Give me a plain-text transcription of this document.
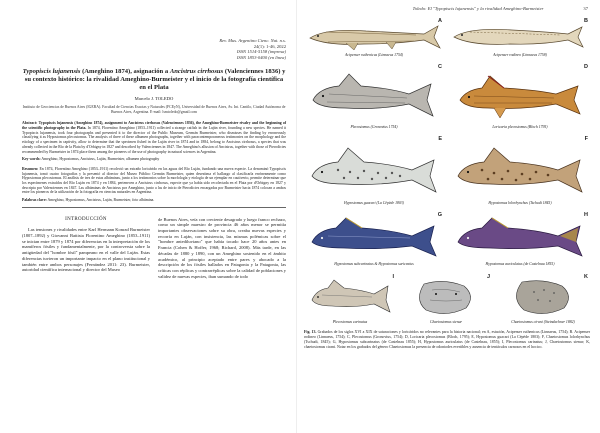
Rev. Mus. Argentino Cienc. Nat. n.s.
24(1): 1-46, 2022
ISSN 1514-5158 (impresa)
ISSN 1853-0400 (en línea)
Typopiscis lujanensis (Ameghino 1874), asignación a Ancistrus cirrhosus (Valenciennes 1836) y su contexto histórico: la rivalidad Ameghino-Burmeister y el inicio de la fotografía científica en el Plata
Marcelo J. TOLEDO
Instituto de Geociencias de Buenos Aires (IGEBA). Facultad de Ciencias Exactas y Naturales (FCEyN), Universidad de Buenos Aires, Av. Int. Cantilo, Ciudad Autónoma de Buenos Aires, Argentina. E-mail: lsmtoledo@gmail.com
Abstract: Typopiscis lujanensis (Ameghino 1874), assignment to Ancistrus cirrhosus (Valenciennes 1836), the Ameghino-Burmeister rivalry and the beginning of the scientific photography in the Plata. In 1874, Florentino Ameghino (1853–1911) collected a strange catfish in the Luján river, founding a new species. He named it Typopiscis lujanensis, took four photographs and presented it to the director of the Public Museum, Germán Burmeister, who dismisses the finding by erroneously classifying it as Hypostomus plecostomus. The analysis of three of these albumen photographs, together with paracontemporaneous testimonies on the morphology and the etiology of a specimen in captivity, allow to determine that the specimen fished in the Luján river in 1874 and in 1884, belong to Ancistrus cirrhosus, a species that was already collected in the Río de la Plata by d'Orbigny in 1827 and described by Valenciennes in 1847. The Ameghino's allusion of Ancistrus, together with those of Pterodictes recommended by Burmeister in 1874 place them among the pioneers of the use of photography in natural sciences in Argentina.
Key words: Ameghino, Hypostomus, Ancistrus, Luján, Burmeister, albumen photography
Resumen: En 1874, Florentino Ameghino (1853–1911) recolectó un extraño loricárido en las aguas del Río Luján, fundando una nueva especie. La denominó Typopiscis lujanensis, tomó cuatro fotografías y la presentó al director del Museo Público Germán Burmeister, quien desestima el hallazgo al clasificarla erróneamente como Hypostomus plecostomus. El análisis de tres de estas albúminas, junto a los testimonios sobre la morfología y etología de un ejemplar en cautiverio, permite determinar que los especímenes extraídos del Río Luján en 1874 y en 1884, pertenecen a Ancistrus cirrhosus, especie que ya había sido recolectada en el Plata por d'Orbigny en 1827 y descripta por Valenciennes en 1847. Las albúminas de Ancistrus por Ameghino, junto a las de inicio de Pterodictes encargadas por Burmeister hacia 1874 colocan a ambos entre los pioneros de la utilización de la fotografía en ciencias naturales en Argentina.
Palabras clave: Ameghino, Hypostomus, Ancistrus, Luján, Burmeister, foto albúmina.
INTRODUCCIÓN

Las tensiones y rivalidades entre Karl Hermann Konrad Burmeister (1807–1892) y Giovanni Battista Florentino Ameghino (1853–1911) se inician entre 1879 y 1874 por diferencias en la interpretación de los mamíferos fósiles y fundamentalmente, por la controversia sobre la antigüedad del "hombre fósil" pampeano en el valle del Luján. Estas diferencias tuvieron un importante impacto en el plano institucional y también entre ambos personajes (Fernández 2011: 23). Burmeister, autoridad científica internacional y director del Museo

de Buenos Aires, veía con creciente desagrado y luego franco rechazo, como un simple maestro de provincia 46 años menor se permitía importantes observaciones sobre su obra, creaba nuevas especies y recorría en Luján, con insistencia, las mismas polémicas sobre el "hombre antediluviano" que había tocado hace 20 años antes en Francia (Cohen & Hoffer, 1968; Richard, 2008). Más tarde, en las décadas de 1880 y 1890, con un Ameghino sostenido en el ámbito académico, al principio aceptado entre pares y abocado a la descripción de los fósiles hallados en Patagonia y la Patagonia, las críticas con réplicas y contrarréplicas sobre la calidad de poblaciones y validez de nuevas especies, iban sumando de todo

Toledo: El "Typopiscis lujanensis" y la rivalidad Ameghino-Burmeister	37
A
Acipenser ruthenicus (Linnaeus 1754)
B
Acipenser rodineo (Linnaeus 1758)
C
Plecostomus (Gronovius 1754)
D
Loricaria plecostomus (Bloch 1795)
E
Hypostomus guacari (La Cépède 1803)
F
Hypostomus lolorhynchus (Tschudi 1845)
G
Hypostomus subcarinatus & Hypostomus suriceatus
H
Hypostomus auriculatus (de Castelnau 1855)
I
Plecostomus carinatus
J
Chaetostomus sienur
K
Chaetostomus cirani (Steindachner 1882)
Fig. 13. Grabados de los siglos XVI a XIX de saturaciones y loricáridos no relevantes para la historia nacional; en A, estación, Acipenser ruthenicus (Linnaeus, 1754); B. Acipenser rodineo (Linnaeus, 1754); C, Plecostomus (Gronovius, 1754); D, Loricaria plecostomus (Bloch, 1795); E, Hypostomus guacari (La Cépède 1803); F, Chaetostomus lolorhynchus (Tschudi, 1845); G, Hypostomus subcarinatus (de Castelnau 1855); H, Hypostomus auriculatus (de Castelnau, 1855); I, Plecostomus carinatus; J, Chaetostomus sienur; K, chaetostomus cirani. Notar en los grabados del género Chaetostomus la presencia de odontodes evertibles y ausencia de tentáculos carnosos en el hocico.
